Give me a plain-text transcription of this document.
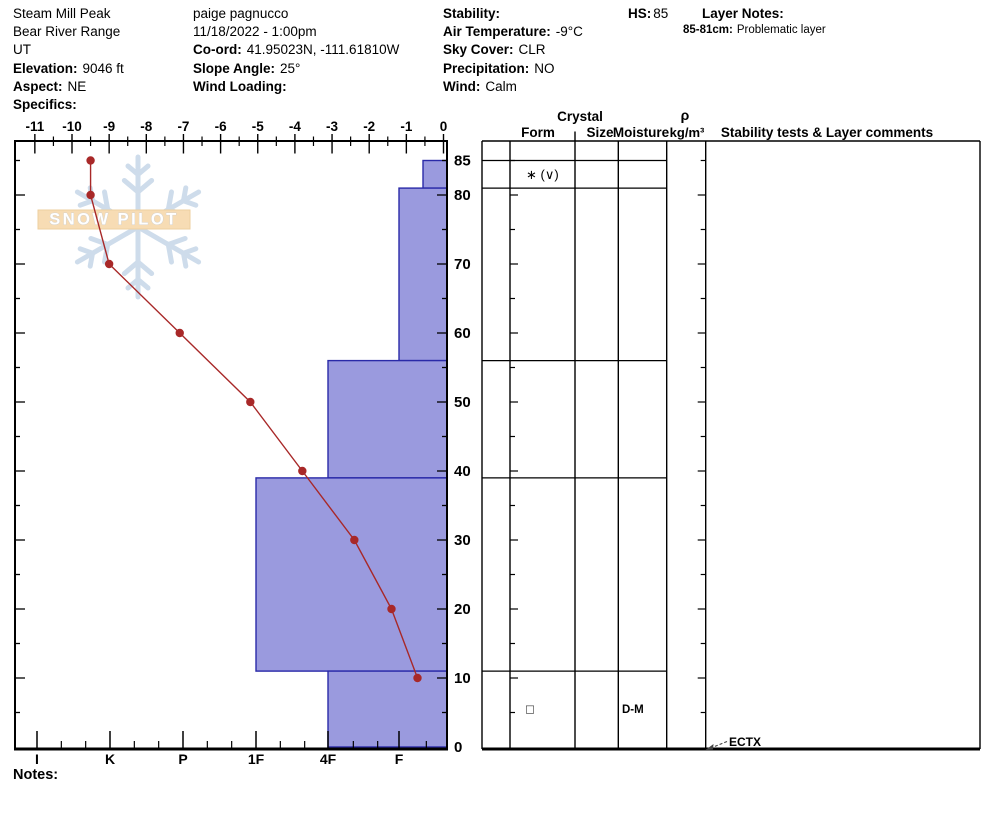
Steam Mill Peak
Bear River Range
UT
Elevation: 9046 ft
Aspect: NE
Specifics:
paige pagnucco
11/18/2022 - 1:00pm
Co-ord: 41.95023N, -111.61810W
Slope Angle: 25°
Wind Loading:
Stability:
Air Temperature: -9°C
Sky Cover: CLR
Precipitation: NO
Wind: Calm
HS: 85 Layer Notes:
85-81cm: Problematic layer
SNOW PILOT
-11 -10 -9 -8 -7 -6 -5 -4 -3 -2 -1 0
85
80
70
60
50
40
30
20
10
0
I	K	P	1F	4F	F
Crystal
Form Size Moisture
ρ
kg/m³ Stability tests & Layer comments
∗ (∨)
□	D-M
ECTX
Notes:
